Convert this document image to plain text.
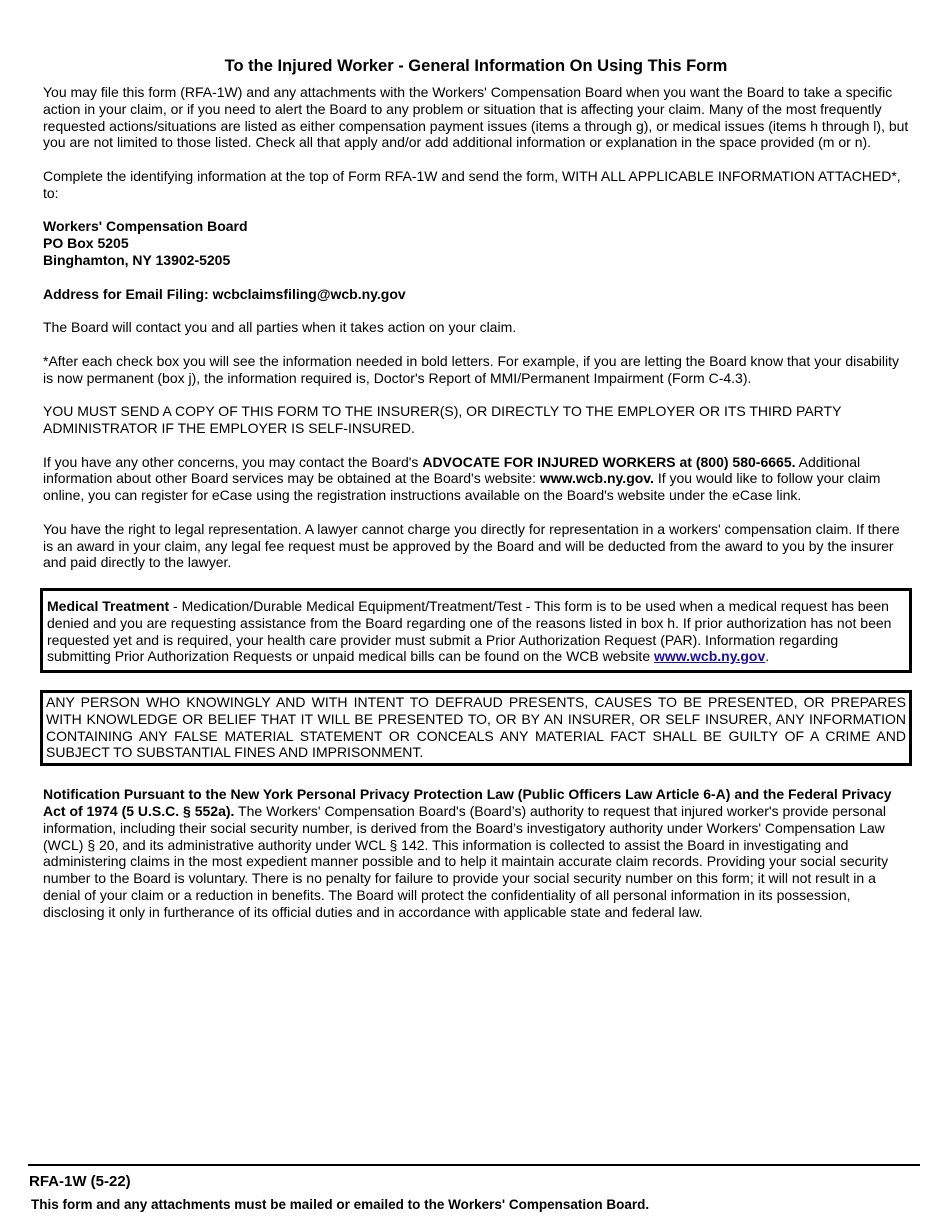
To the Injured Worker - General Information On Using This Form

You may file this form (RFA-1W) and any attachments with the Workers' Compensation Board when you want the Board to take a specific action in your claim, or if you need to alert the Board to any problem or situation that is affecting your claim. Many of the most frequently requested actions/situations are listed as either compensation payment issues (items a through g), or medical issues (items h through l), but you are not limited to those listed. Check all that apply and/or add additional information or explanation in the space provided (m or n).

Complete the identifying information at the top of Form RFA-1W and send the form, WITH ALL APPLICABLE INFORMATION ATTACHED*, to:

Workers' Compensation Board
PO Box 5205
Binghamton, NY 13902-5205

Address for Email Filing: wcbclaimsfiling@wcb.ny.gov

The Board will contact you and all parties when it takes action on your claim.

*After each check box you will see the information needed in bold letters. For example, if you are letting the Board know that your disability is now permanent (box j), the information required is, Doctor's Report of MMI/Permanent Impairment (Form C-4.3).

YOU MUST SEND A COPY OF THIS FORM TO THE INSURER(S), OR DIRECTLY TO THE EMPLOYER OR ITS THIRD PARTY ADMINISTRATOR IF THE EMPLOYER IS SELF-INSURED.

If you have any other concerns, you may contact the Board's ADVOCATE FOR INJURED WORKERS at (800) 580-6665. Additional information about other Board services may be obtained at the Board's website: www.wcb.ny.gov. If you would like to follow your claim online, you can register for eCase using the registration instructions available on the Board's website under the eCase link.

You have the right to legal representation. A lawyer cannot charge you directly for representation in a workers' compensation claim. If there is an award in your claim, any legal fee request must be approved by the Board and will be deducted from the award to you by the insurer and paid directly to the lawyer.

Medical Treatment - Medication/Durable Medical Equipment/Treatment/Test - This form is to be used when a medical request has been denied and you are requesting assistance from the Board regarding one of the reasons listed in box h. If prior authorization has not been requested yet and is required, your health care provider must submit a Prior Authorization Request (PAR). Information regarding submitting Prior Authorization Requests or unpaid medical bills can be found on the WCB website www.wcb.ny.gov.

ANY PERSON WHO KNOWINGLY AND WITH INTENT TO DEFRAUD PRESENTS, CAUSES TO BE PRESENTED, OR PREPARES WITH KNOWLEDGE OR BELIEF THAT IT WILL BE PRESENTED TO, OR BY AN INSURER, OR SELF INSURER, ANY INFORMATION CONTAINING ANY FALSE MATERIAL STATEMENT OR CONCEALS ANY MATERIAL FACT SHALL BE GUILTY OF A CRIME AND SUBJECT TO SUBSTANTIAL FINES AND IMPRISONMENT.

Notification Pursuant to the New York Personal Privacy Protection Law (Public Officers Law Article 6-A) and the Federal Privacy Act of 1974 (5 U.S.C. § 552a). The Workers' Compensation Board's (Board’s) authority to request that injured worker's provide personal information, including their social security number, is derived from the Board’s investigatory authority under Workers' Compensation Law (WCL) § 20, and its administrative authority under WCL § 142. This information is collected to assist the Board in investigating and administering claims in the most expedient manner possible and to help it maintain accurate claim records. Providing your social security number to the Board is voluntary. There is no penalty for failure to provide your social security number on this form; it will not result in a denial of your claim or a reduction in benefits. The Board will protect the confidentiality of all personal information in its possession, disclosing it only in furtherance of its official duties and in accordance with applicable state and federal law.

RFA-1W (5-22)
This form and any attachments must be mailed or emailed to the Workers' Compensation Board.
